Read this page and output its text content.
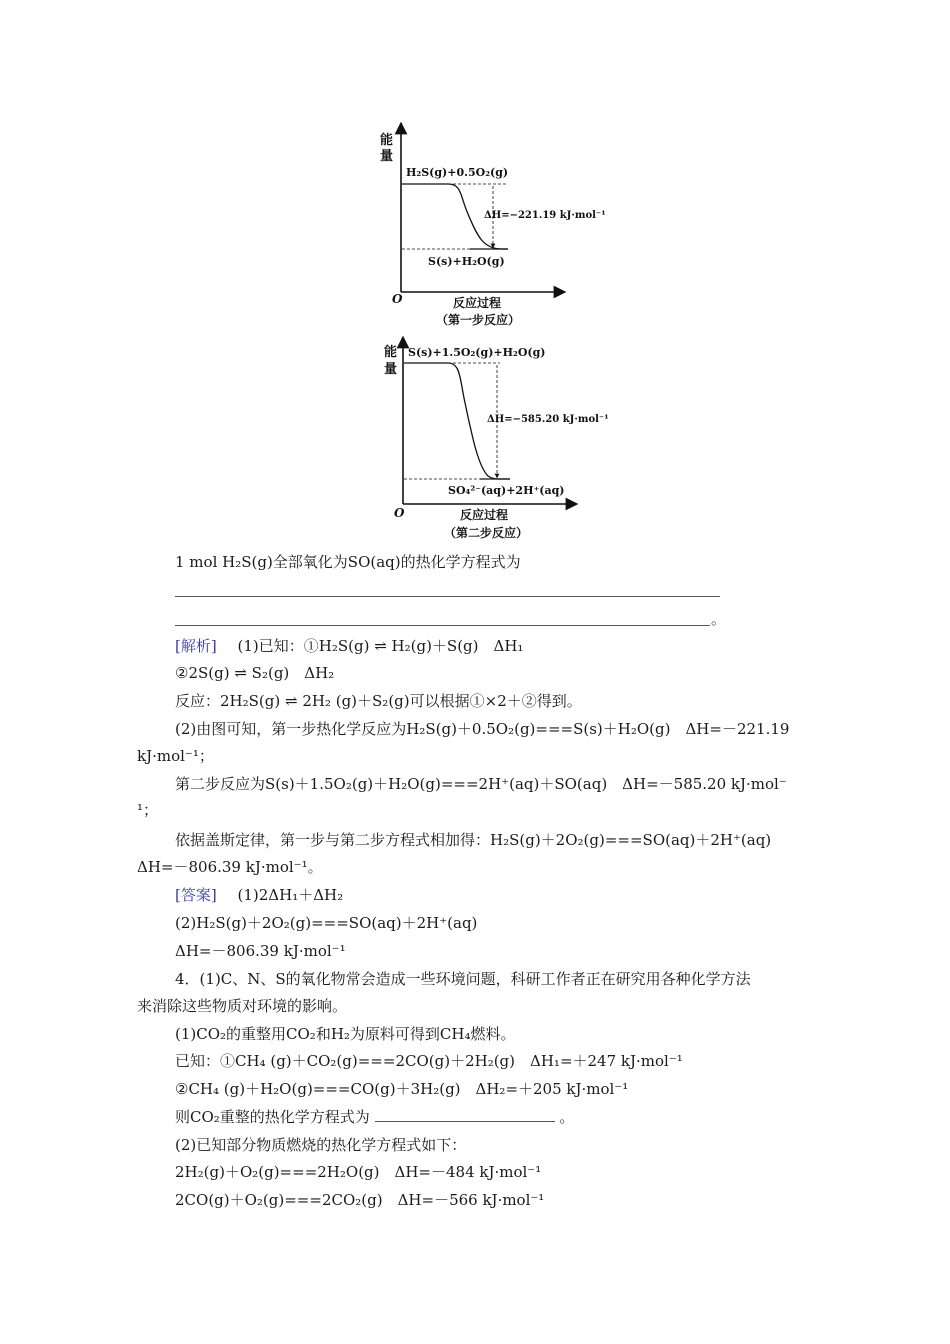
能
量
O
H₂S(g)+0.5O₂(g)
ΔH=−221.19 kJ·mol⁻¹
S(s)+H₂O(g)
反应过程
（第一步反应）
能
量
O
S(s)+1.5O₂(g)+H₂O(g)
ΔH=−585.20 kJ·mol⁻¹
SO₄²⁻(aq)+2H⁺(aq)
反应过程
（第二步反应）
1 mol H₂S(g)全部氧化为SO(aq)的热化学方程式为
。
[解析] (1)已知：①H₂S(g) ⇌ H₂(g)＋S(g)　ΔH₁
②2S(g) ⇌ S₂(g)　ΔH₂
反应：2H₂S(g) ⇌ 2H₂ (g)＋S₂(g)可以根据①×2＋②得到。
(2)由图可知，第一步热化学反应为H₂S(g)＋0.5O₂(g)===S(s)＋H₂O(g)　ΔH=－221.19
kJ·mol⁻¹；
第二步反应为S(s)＋1.5O₂(g)＋H₂O(g)===2H⁺(aq)＋SO(aq)　ΔH=－585.20 kJ·mol⁻
¹；
依据盖斯定律，第一步与第二步方程式相加得：H₂S(g)＋2O₂(g)===SO(aq)＋2H⁺(aq)
ΔH=－806.39 kJ·mol⁻¹。
[答案] (1)2ΔH₁＋ΔH₂
(2)H₂S(g)＋2O₂(g)===SO(aq)＋2H⁺(aq)
ΔH=－806.39 kJ·mol⁻¹
4．(1)C、N、S的氧化物常会造成一些环境问题，科研工作者正在研究用各种化学方法
来消除这些物质对环境的影响。
(1)CO₂的重整用CO₂和H₂为原料可得到CH₄燃料。
已知：①CH₄ (g)＋CO₂(g)===2CO(g)＋2H₂(g)　ΔH₁=＋247 kJ·mol⁻¹
②CH₄ (g)＋H₂O(g)===CO(g)＋3H₂(g)　ΔH₂=＋205 kJ·mol⁻¹
则CO₂重整的热化学方程式为	。
(2)已知部分物质燃烧的热化学方程式如下：
2H₂(g)＋O₂(g)===2H₂O(g)　ΔH=－484 kJ·mol⁻¹
2CO(g)＋O₂(g)===2CO₂(g)　ΔH=－566 kJ·mol⁻¹
